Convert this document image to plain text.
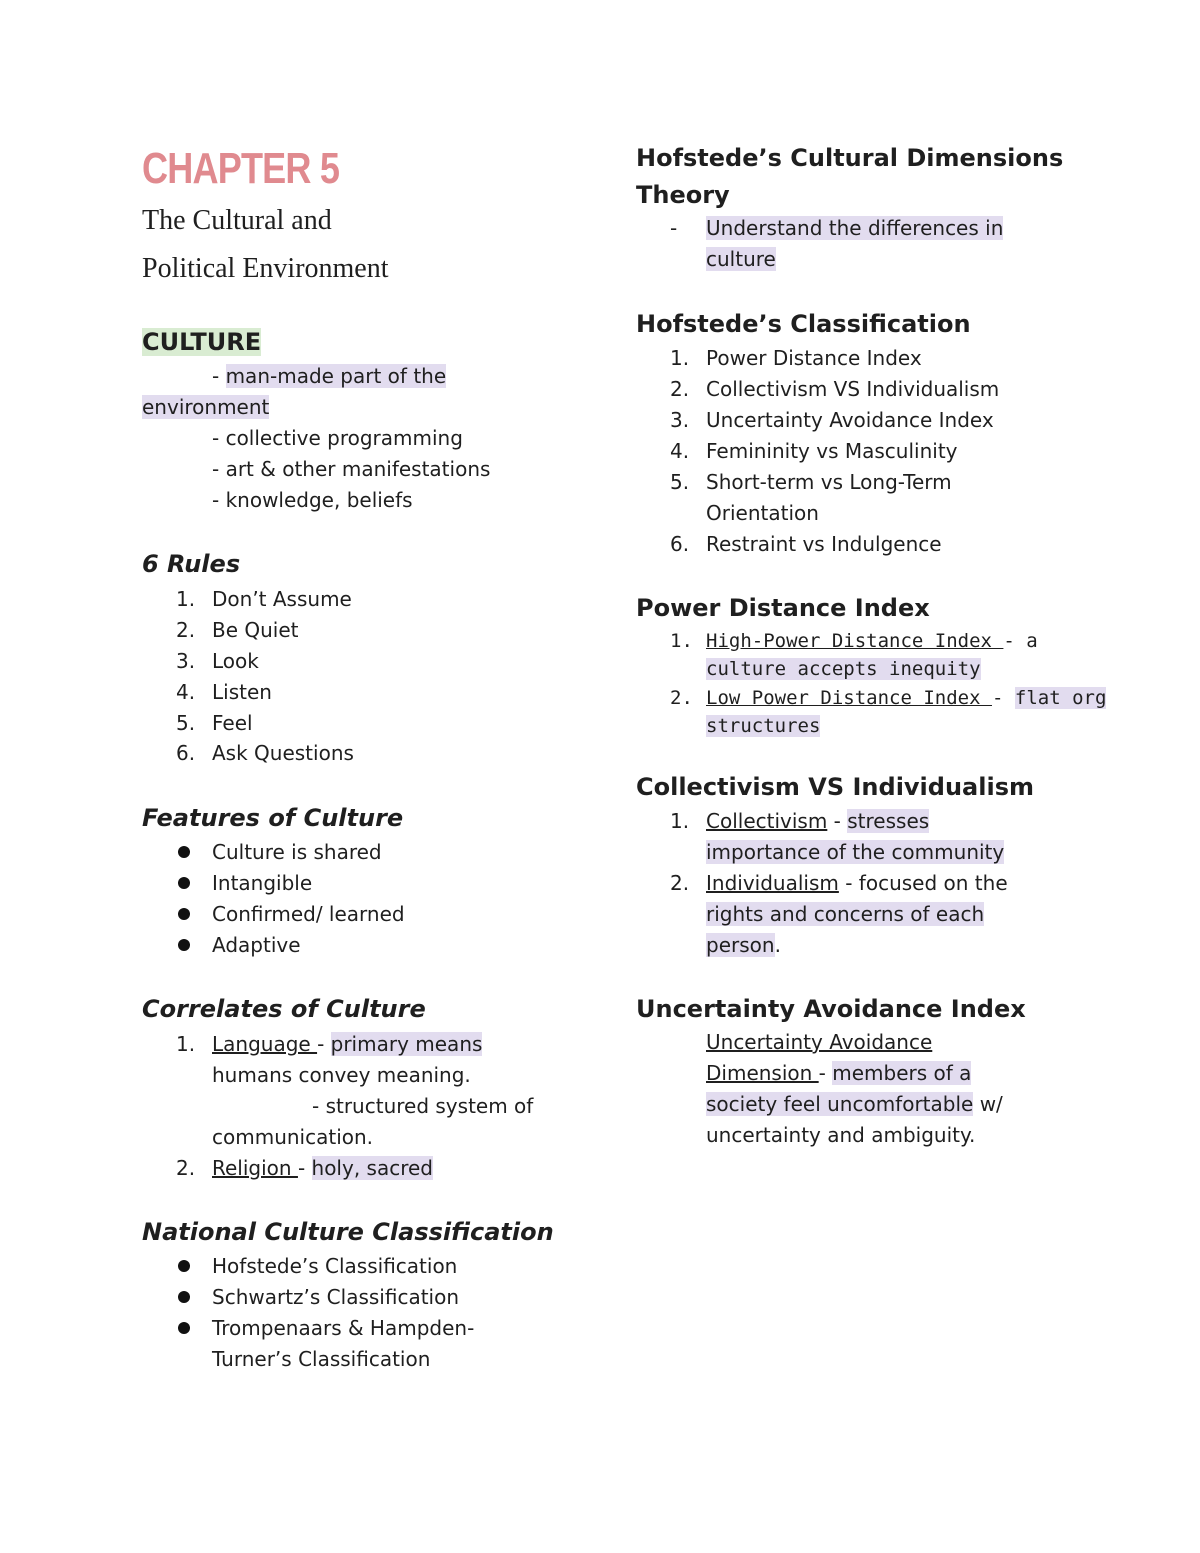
CHAPTER 5
The Cultural and
Political Environment
CULTURE
- man-made part of the
environment
- collective programming
- art & other manifestations
- knowledge, beliefs
6 Rules
1. Don’t Assume
2. Be Quiet
3. Look
4. Listen
5. Feel
6. Ask Questions
Features of Culture
Culture is shared
Intangible
Confirmed/ learned
Adaptive
Correlates of Culture
1. Language - primary means
humans convey meaning.
- structured system of
communication.
2. Religion - holy, sacred
National Culture Classification
Hofstede’s Classification
Schwartz’s Classification
Trompenaars & Hampden-
Turner’s Classification
Hofstede’s Cultural Dimensions
Theory
- Understand the differences in
culture
Hofstede’s Classification
1. Power Distance Index
2. Collectivism VS Individualism
3. Uncertainty Avoidance Index
4. Femininity vs Masculinity
5. Short-term vs Long-Term
Orientation
6. Restraint vs Indulgence
Power Distance Index
1. High-Power Distance Index - a
culture accepts inequity
2. Low Power Distance Index - flat org
structures
Collectivism VS Individualism
1. Collectivism - stresses
importance of the community
2. Individualism - focused on the
rights and concerns of each
person.
Uncertainty Avoidance Index
Uncertainty Avoidance
Dimension - members of a
society feel uncomfortable w/
uncertainty and ambiguity.
